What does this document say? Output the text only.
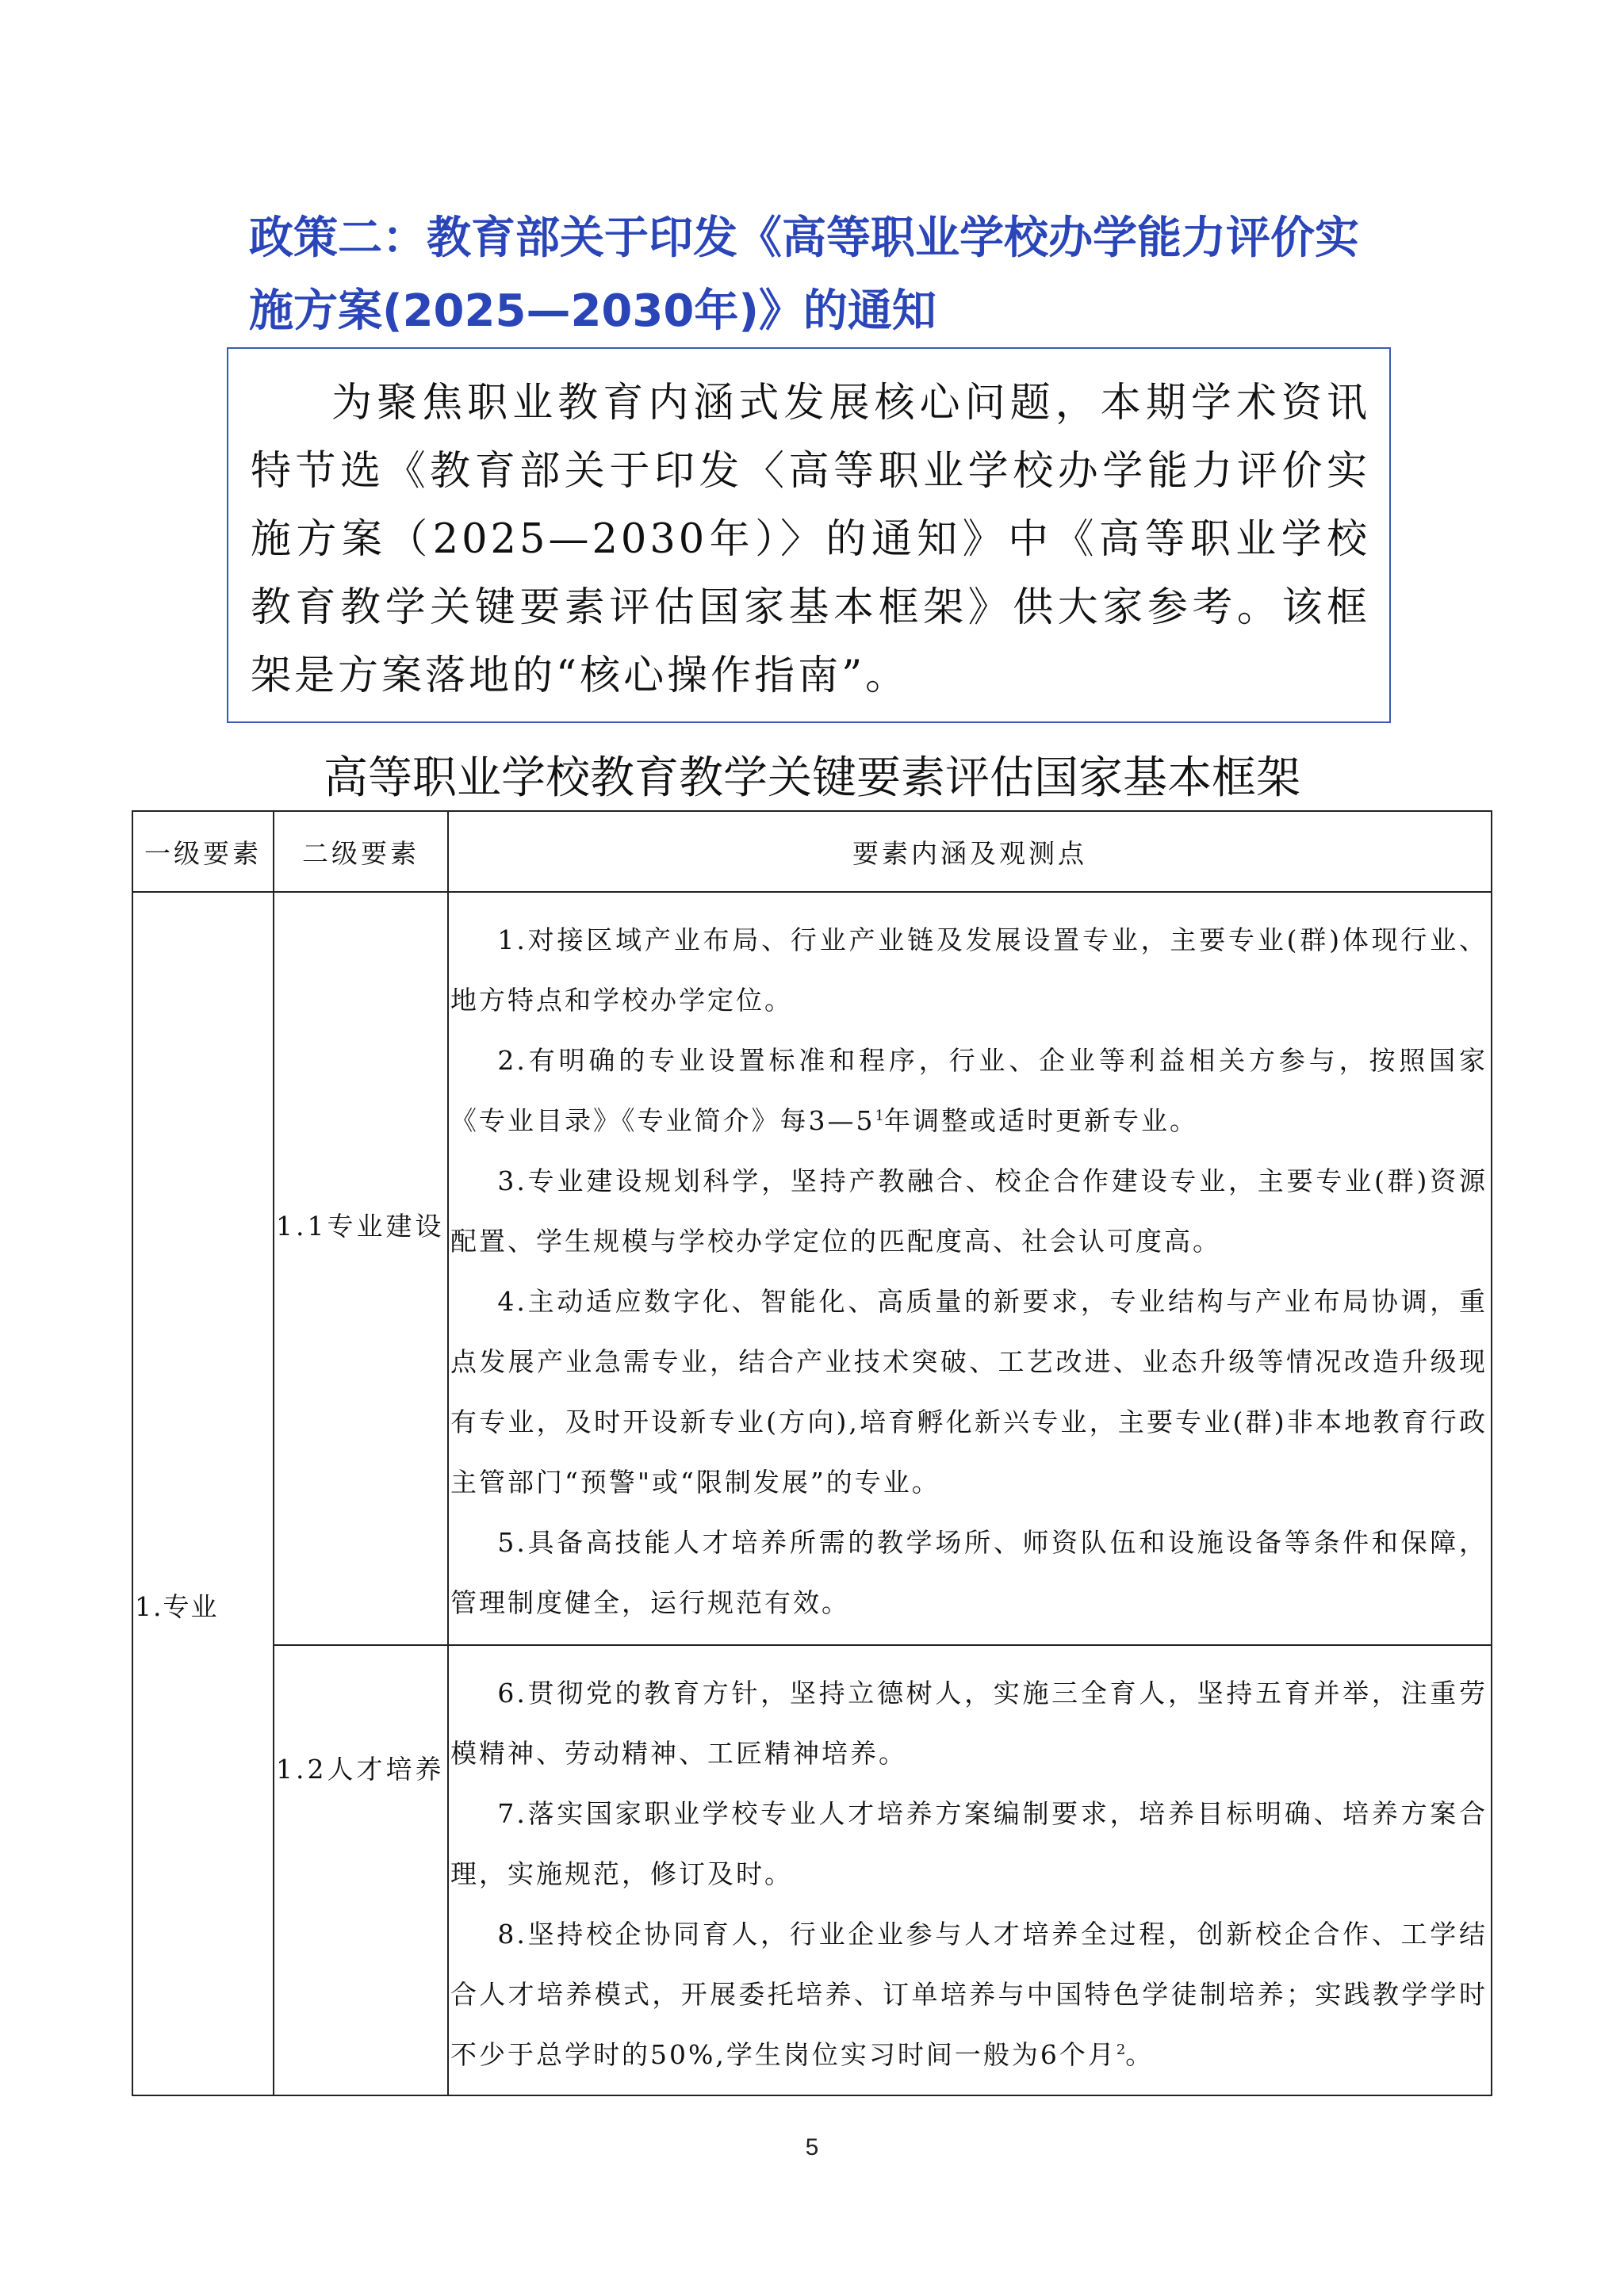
政策二：教育部关于印发《高等职业学校办学能力评价实
施方案(2025—2030年)》的通知

为聚焦职业教育内涵式发展核心问题，本期学术资讯特节选《教育部关于印发〈高等职业学校办学能力评价实施方案（2025—2030年）〉的通知》中《高等职业学校教育教学关键要素评估国家基本框架》供大家参考。该框架是方案落地的“核心操作指南”。

高等职业学校教育教学关键要素评估国家基本框架
一级要素	二级要素	要素内涵及观测点
1.专业	1.1专业建设	1.对接区域产业布局、行业产业链及发展设置专业，主要专业(群)体现行业、地方特点和学校办学定位。

2.有明确的专业设置标准和程序，行业、企业等利益相关方参与，按照国家《专业目录》《专业简介》每$3—5^1$年调整或适时更新专业。

3.专业建设规划科学，坚持产教融合、校企合作建设专业，主要专业(群)资源配置、学生规模与学校办学定位的匹配度高、社会认可度高。

4.主动适应数字化、智能化、高质量的新要求，专业结构与产业布局协调，重点发展产业急需专业，结合产业技术突破、工艺改进、业态升级等情况改造升级现有专业，及时开设新专业(方向),培育孵化新兴专业，主要专业(群)非本地教育行政主管部门“预警"或“限制发展”的专业。

5.具备高技能人才培养所需的教学场所、师资队伍和设施设备等条件和保障，管理制度健全，运行规范有效。

	1.2人才培养	6.贯彻党的教育方针，坚持立德树人，实施三全育人，坚持五育并举，注重劳模精神、劳动精神、工匠精神培养。

7.落实国家职业学校专业人才培养方案编制要求，培养目标明确、培养方案合理，实施规范，修订及时。

8.坚持校企协同育人，行业企业参与人才培养全过程，创新校企合作、工学结合人才培养模式，开展委托培养、订单培养与中国特色学徒制培养；实践教学学时不少于总学时的50%,学生岗位实习时间一般为6个月$^2$。

5
